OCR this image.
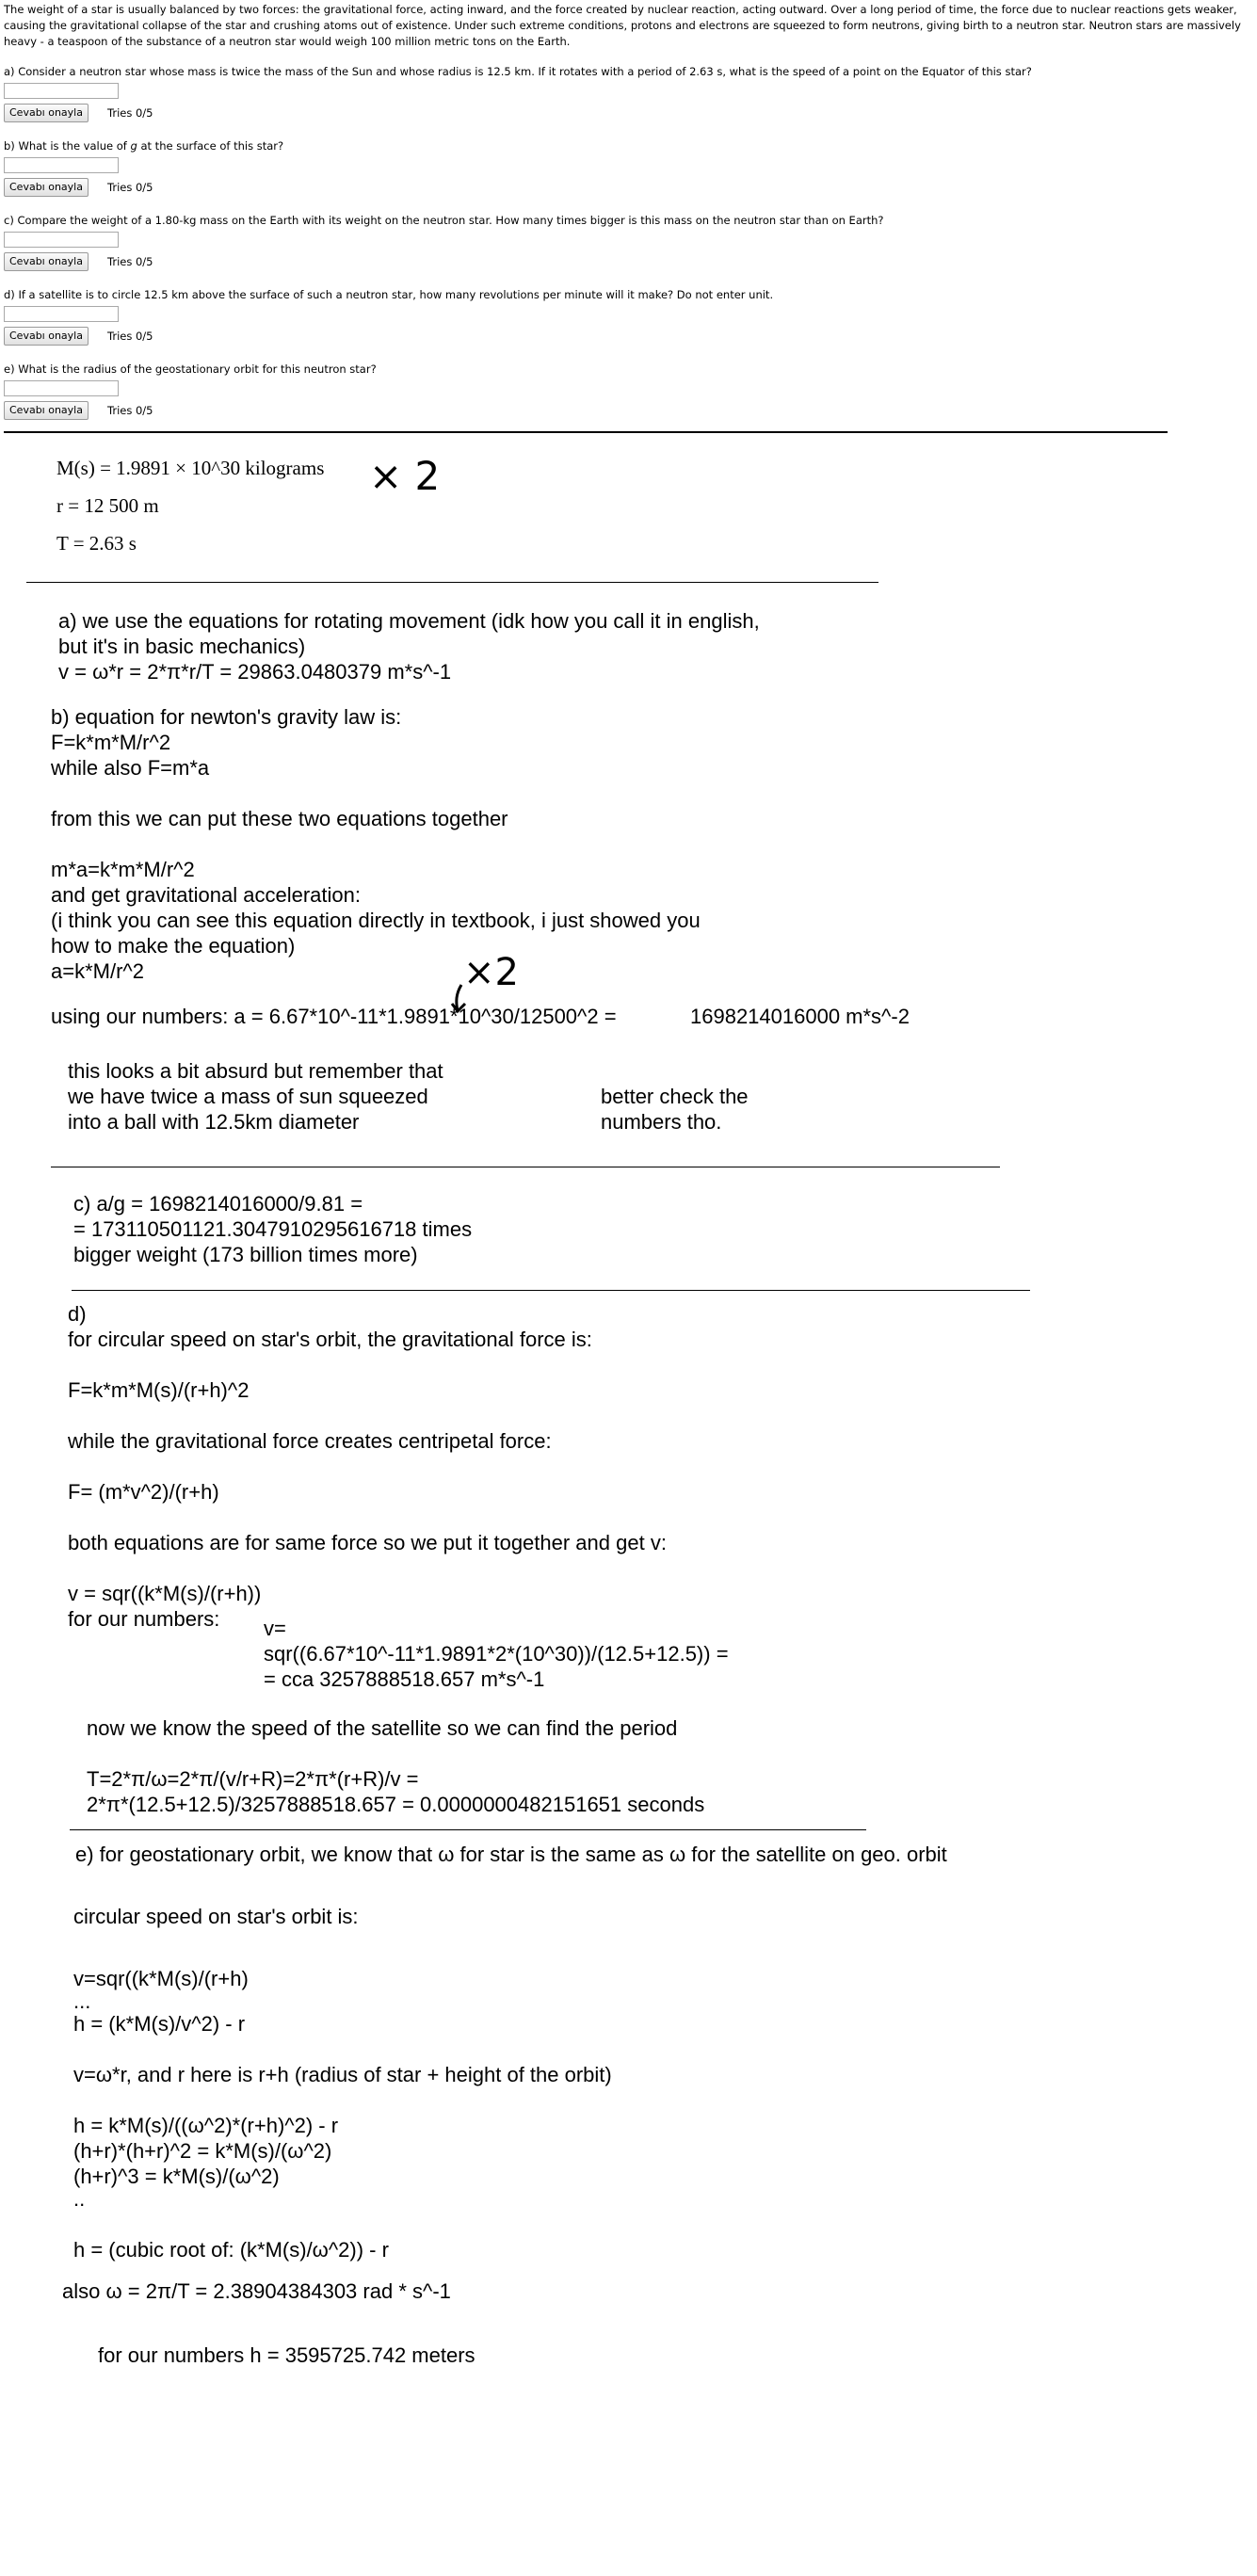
The weight of a star is usually balanced by two forces: the gravitational force, acting inward, and the force created by nuclear reaction, acting outward. Over a long period of time, the force due to nuclear reactions gets weaker, causing the gravitational collapse of the star and crushing atoms out of existence. Under such extreme conditions, protons and electrons are squeezed to form neutrons, giving birth to a neutron star. Neutron stars are massively heavy - a teaspoon of the substance of a neutron star would weigh 100 million metric tons on the Earth.
a) Consider a neutron star whose mass is twice the mass of the Sun and whose radius is 12.5 km. If it rotates with a period of 2.63 s, what is the speed of a point on the Equator of this star?
Cevabı onayla	Tries 0/5
b) What is the value of g at the surface of this star?
Cevabı onayla	Tries 0/5
c) Compare the weight of a 1.80-kg mass on the Earth with its weight on the neutron star. How many times bigger is this mass on the neutron star than on Earth?
Cevabı onayla	Tries 0/5
d) If a satellite is to circle 12.5 km above the surface of such a neutron star, how many revolutions per minute will it make? Do not enter unit.
Cevabı onayla	Tries 0/5
e) What is the radius of the geostationary orbit for this neutron star?
Cevabı onayla	Tries 0/5
M(s) = 1.9891 × 10^30 kilograms
r = 12 500 m
T = 2.63 s
× 2
a) we use the equations for rotating movement (idk how you call it in english,
but it's in basic mechanics)
v = ω*r = 2*π*r/T = 29863.0480379 m*s^-1
b) equation for newton's gravity law is:
F=k*m*M/r^2
while also F=m*a
from this we can put these two equations together
m*a=k*m*M/r^2
and get gravitational acceleration:
(i think you can see this equation directly in textbook, i just showed you
how to make the equation)
a=k*M/r^2	×2
using our numbers: a = 6.67*10^-11*1.9891*10^30/12500^2 =	1698214016000 m*s^-2
this looks a bit absurd but remember that
we have twice a mass of sun squeezed
into a ball with 12.5km diameter
better check the
numbers tho.
c) a/g = 1698214016000/9.81 =
= 173110501121.3047910295616718 times
bigger weight (173 billion times more)
d)
for circular speed on star's orbit, the gravitational force is:
F=k*m*M(s)/(r+h)^2
while the gravitational force creates centripetal force:
F= (m*v^2)/(r+h)
both equations are for same force so we put it together and get v:
v = sqr((k*M(s)/(r+h))
for our numbers: v=
sqr((6.67*10^-11*1.9891*2*(10^30))/(12.5+12.5)) =
= cca 3257888518.657 m*s^-1
now we know the speed of the satellite so we can find the period
T=2*π/ω=2*π/(v/r+R)=2*π*(r+R)/v =
2*π*(12.5+12.5)/3257888518.657 = 0.0000000482151651 seconds
e) for geostationary orbit, we know that ω for star is the same as ω for the satellite on geo. orbit
circular speed on star's orbit is:
v=sqr((k*M(s)/(r+h)
...
h = (k*M(s)/v^2) - r
v=ω*r, and r here is r+h (radius of star + height of the orbit)
h = k*M(s)/((ω^2)*(r+h)^2) - r
(h+r)*(h+r)^2 = k*M(s)/(ω^2)
(h+r)^3 = k*M(s)/(ω^2)
..
h = (cubic root of: (k*M(s)/ω^2)) - r
also ω = 2π/T = 2.38904384303 rad * s^-1
for our numbers h = 3595725.742 meters
